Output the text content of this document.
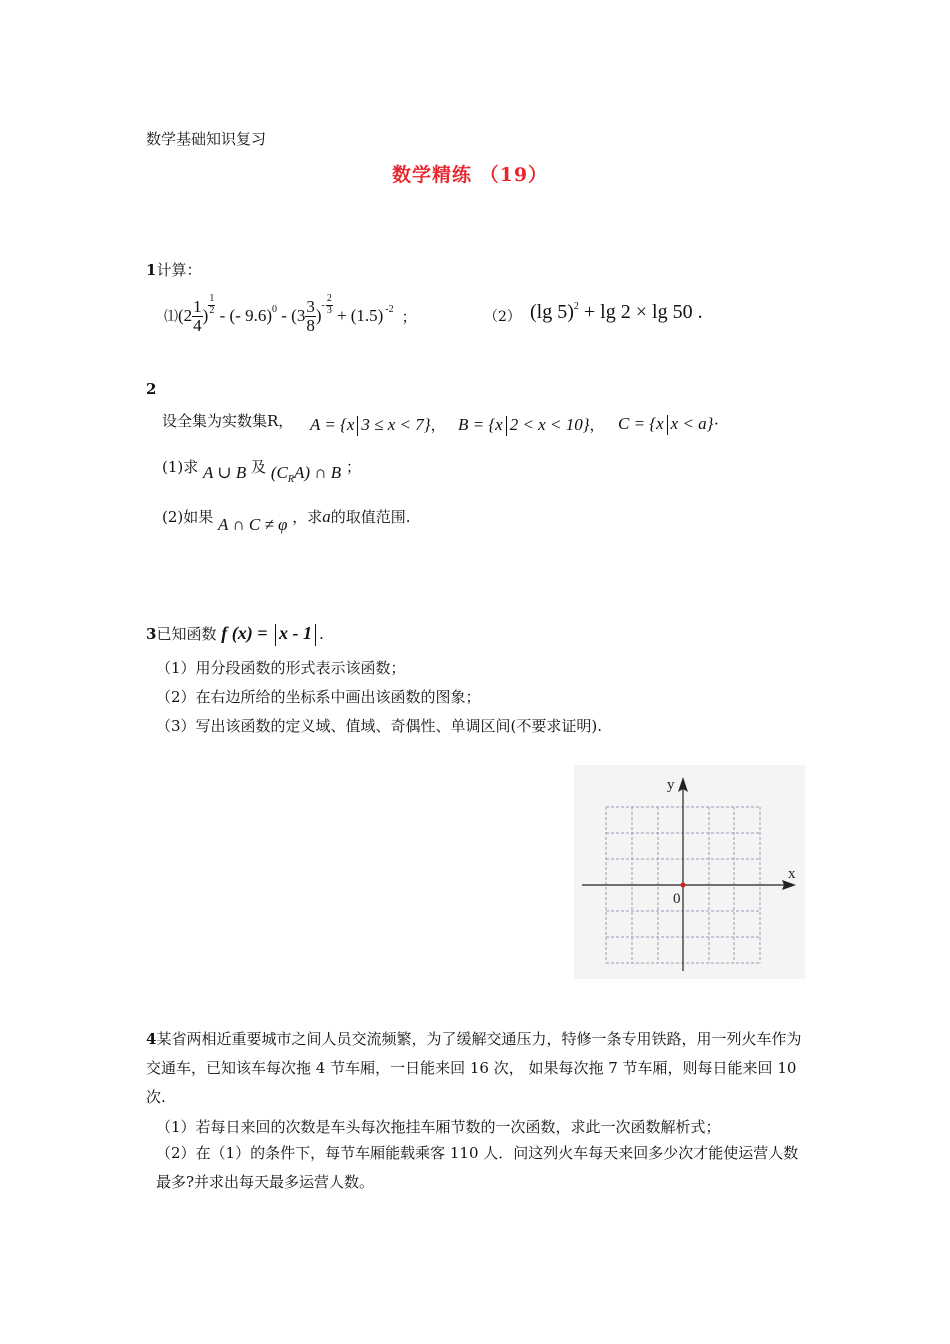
数学基础知识复习
数学精练 （19）
1计算：
⑴ ($2 \frac{1}{4}$ ) $\frac{1}{2}$ - (- 9.6) $0 - (3 \frac{3}{8}$ )
- $\frac{2}{3} + (1.5)$ -2
；	（2） (lg 5)$^2$ + lg 2 × lg 50 .
2
设全集为实数集R， A = {x 3 ≤ x < 7}， B = {x 2 < x < 10}， C = {x x < a}·
(1)求 A ∪ B 及 $(C_RA)$ ∩ B ；
(2)如果 A ∩ C ≠ φ ，求a的取值范围.
3已知函数 f (x) = x - 1 .
（1）用分段函数的形式表示该函数；
（2）在右边所给的坐标系中画出该函数的图象；
（3）写出该函数的定义域、值域、奇偶性、单调区间(不要求证明).
x
y
0
4某省两相近重要城市之间人员交流频繁，为了缓解交通压力，特修一条专用铁路，用一列火车作为交通车，已知该车每次拖 4 节车厢，一日能来回 16 次， 如果每次拖 7 节车厢，则每日能来回 10 次.
（1）若每日来回的次数是车头每次拖挂车厢节数的一次函数，求此一次函数解析式；
（2）在（1）的条件下，每节车厢能载乘客 110 人．问这列火车每天来回多少次才能使运营人数最多?并求出每天最多运营人数。
